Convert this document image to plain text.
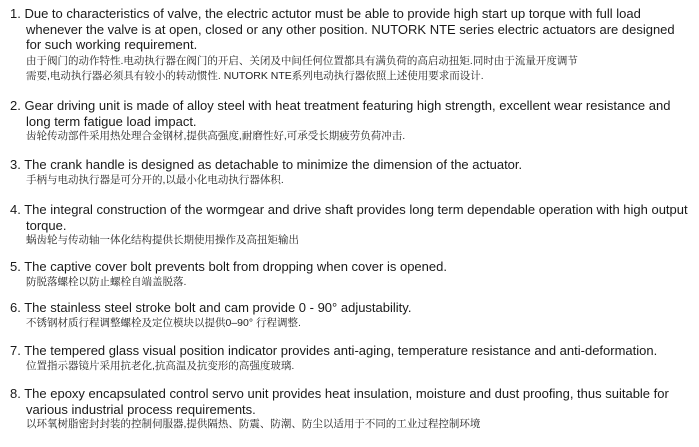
1. Due to characteristics of valve, the electric actutor must be able to provide high start up torque with full load whenever the valve is at open, closed or any other position. NUTORK NTE series electric actuators are designed for such working requirement.
由于阀门的动作特性.电动执行器在阀门的开启、关闭及中间任何位置都具有满负荷的高启动扭矩.同时由于流量开度调节
需要,电动执行器必须具有较小的转动惯性. NUTORK NTE系列电动执行器依照上述使用要求而设计.
2. Gear driving unit is made of alloy steel with heat treatment featuring high strength, excellent wear resistance and long term fatigue load impact.
齿轮传动部件采用热处理合金钢材,提供高强度,耐磨性好,可承受长期疲劳负荷冲击.
3. The crank handle is designed as detachable to minimize the dimension of the actuator.
手柄与电动执行器是可分开的,以最小化电动执行器体积.
4. The integral construction of the wormgear and drive shaft provides long term dependable operation with high output torque.
蜗齿轮与传动轴一体化结构提供长期使用操作及高扭矩输出
5. The captive cover bolt prevents bolt from dropping when cover is opened.
防脱落螺栓以防止螺栓自端盖脱落.
6. The stainless steel stroke bolt and cam provide 0 - 90° adjustability.
不锈钢材质行程调整螺栓及定位模块以提供0–90° 行程调整.
7. The tempered glass visual position indicator provides anti-aging, temperature resistance and anti-deformation.
位置指示器镜片采用抗老化,抗高温及抗变形的高强度玻璃.
8. The epoxy encapsulated control servo unit provides heat insulation, moisture and dust proofing, thus suitable for various industrial process requirements.
以环氧树脂密封封装的控制伺服器,提供隔热、防震、防潮、防尘以适用于不同的工业过程控制环境
